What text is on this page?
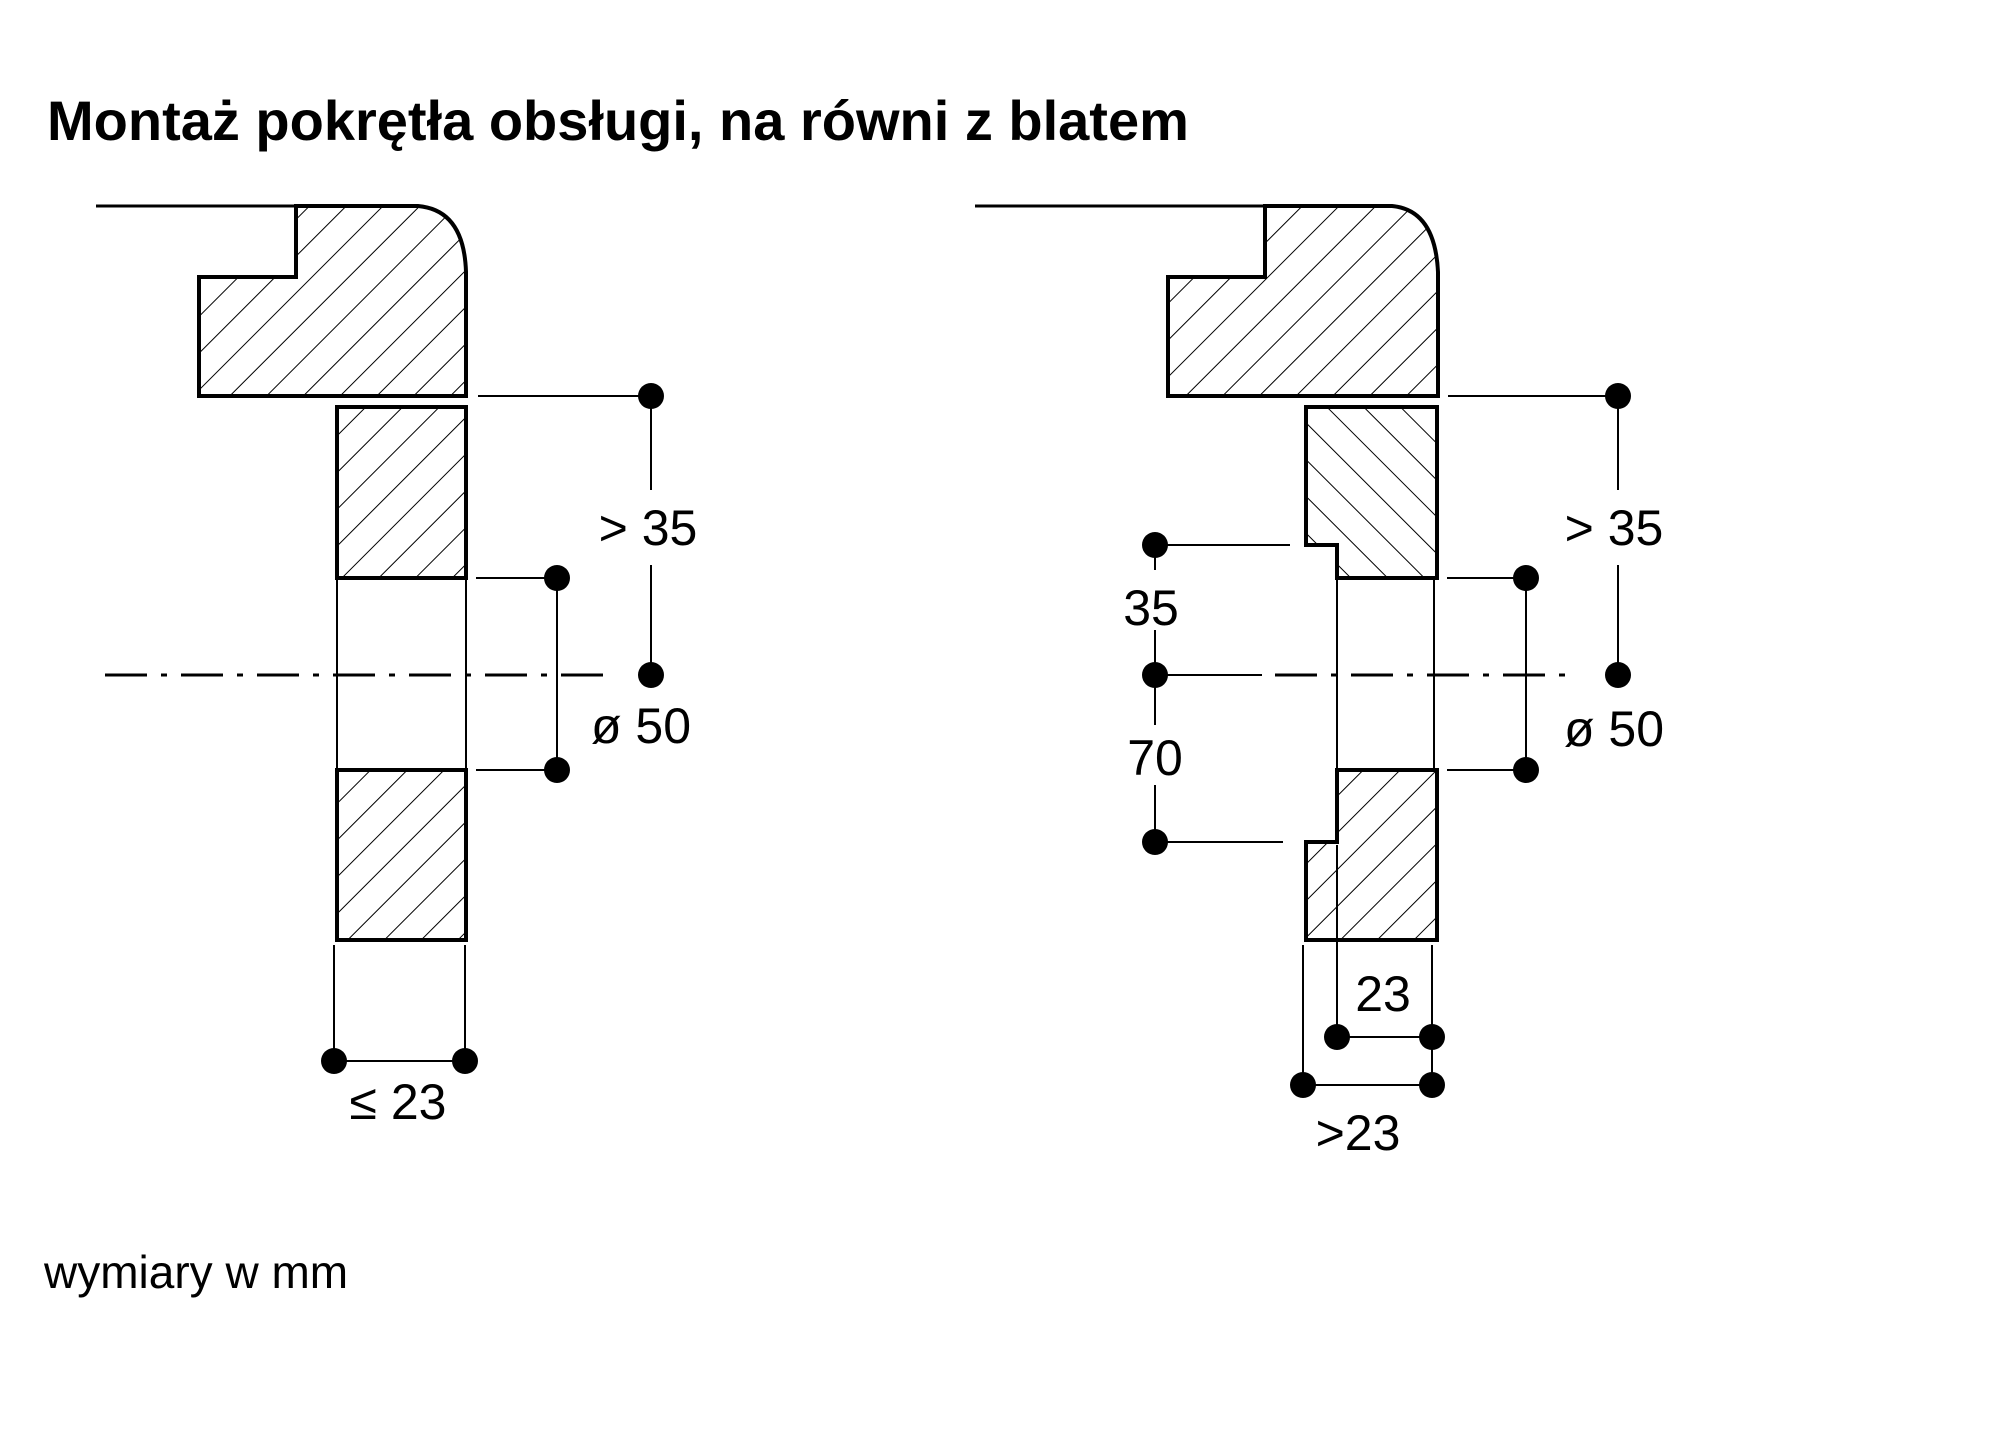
Montaż pokrętła obsługi, na równi z blatem
> 35
ø 50
≤ 23
> 35
ø 50
35
70
23
>23
wymiary w mm
